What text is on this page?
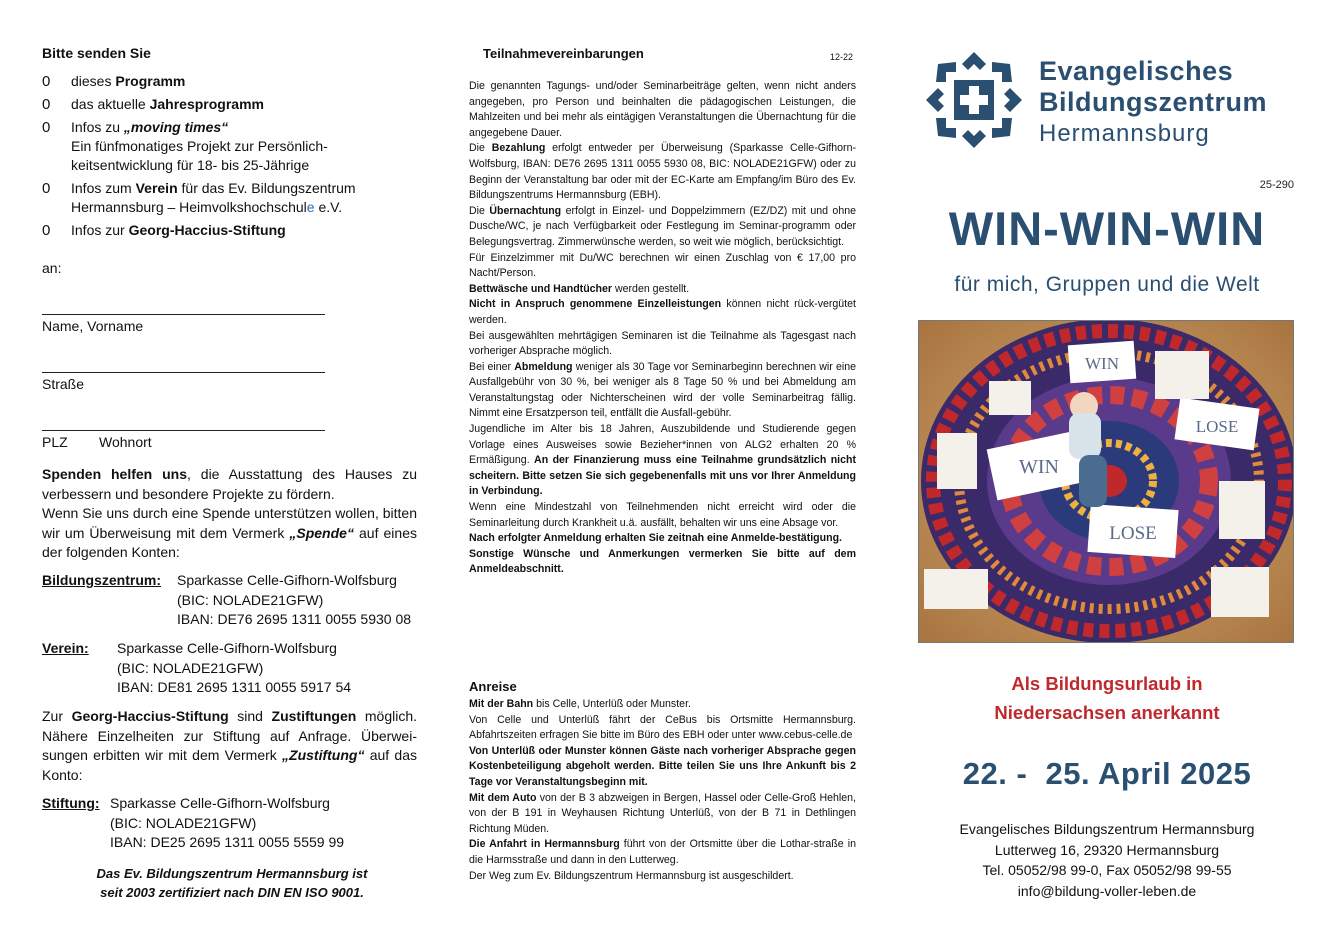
Bitte senden Sie
0	dieses Programm
0	das aktuelle Jahresprogramm
0	Infos zu „moving times“
Ein fünfmonatiges Projekt zur Persönlich-
keitsentwicklung für 18- bis 25-Jährige
0	Infos zum Verein für das Ev. Bildungszentrum
Hermannsburg – Heimvolkshochschule e.V.
0	Infos zur Georg-Haccius-Stiftung
an:
Name, Vorname
Straße
PLZ Wohnort
Spenden helfen uns, die Ausstattung des Hauses zu verbessern und besondere Projekte zu fördern.
Wenn Sie uns durch eine Spende unterstützen wollen, bitten wir um Überweisung mit dem Vermerk „Spende“ auf eines der folgenden Konten:
Bildungszentrum: Sparkasse Celle-Gifhorn-Wolfsburg
(BIC: NOLADE21GFW)
IBAN: DE76 2695 1311 0055 5930 08
Verein: Sparkasse Celle-Gifhorn-Wolfsburg
(BIC: NOLADE21GFW)
IBAN: DE81 2695 1311 0055 5917 54
Zur Georg-Haccius-Stiftung sind Zustiftungen möglich. Nähere Einzelheiten zur Stiftung auf Anfrage. Überwei-sungen erbitten wir mit dem Vermerk „Zustiftung“ auf das Konto:
Stiftung: Sparkasse Celle-Gifhorn-Wolfsburg
(BIC: NOLADE21GFW)
IBAN: DE25 2695 1311 0055 5559 99
Das Ev. Bildungszentrum Hermannsburg ist
seit 2003 zertifiziert nach DIN EN ISO 9001.
Teilnahmevereinbarungen	12-22

Die genannten Tagungs- und/oder Seminarbeiträge gelten, wenn nicht anders angegeben, pro Person und beinhalten die pädagogischen Leistungen, die Mahlzeiten und bei mehr als eintägigen Veranstaltungen die Übernachtung für die angegebene Dauer.

Die Bezahlung erfolgt entweder per Überweisung (Sparkasse Celle-Gifhorn-Wolfsburg, IBAN: DE76 2695 1311 0055 5930 08, BIC: NOLADE21GFW) oder zu Beginn der Veranstaltung bar oder mit der EC-Karte am Empfang/im Büro des Ev. Bildungszentrums Hermannsburg (EBH).

Die Übernachtung erfolgt in Einzel- und Doppelzimmern (EZ/DZ) mit und ohne Dusche/WC, je nach Verfügbarkeit oder Festlegung im Seminar-programm oder Belegungsvertrag. Zimmerwünsche werden, so weit wie möglich, berücksichtigt.

Für Einzelzimmer mit Du/WC berechnen wir einen Zuschlag von € 17,00 pro Nacht/Person.

Bettwäsche und Handtücher werden gestellt.

Nicht in Anspruch genommene Einzelleistungen können nicht rück-vergütet werden.

Bei ausgewählten mehrtägigen Seminaren ist die Teilnahme als Tagesgast nach vorheriger Absprache möglich.

Bei einer Abmeldung weniger als 30 Tage vor Seminarbeginn berechnen wir eine Ausfallgebühr von 30 %, bei weniger als 8 Tage 50 % und bei Abmeldung am Veranstaltungstag oder Nichterscheinen wird der volle Seminarbeitrag fällig. Nimmt eine Ersatzperson teil, entfällt die Ausfall-gebühr.

Jugendliche im Alter bis 18 Jahren, Auszubildende und Studierende gegen Vorlage eines Ausweises sowie Bezieher*innen von ALG2 erhalten 20 % Ermäßigung. An der Finanzierung muss eine Teilnahme grundsätzlich nicht scheitern. Bitte setzen Sie sich gegebenenfalls mit uns vor Ihrer Anmeldung in Verbindung.

Wenn eine Mindestzahl von Teilnehmenden nicht erreicht wird oder die Seminarleitung durch Krankheit u.ä. ausfällt, behalten wir uns eine Absage vor.

Nach erfolgter Anmeldung erhalten Sie zeitnah eine Anmelde-bestätigung.

Sonstige Wünsche und Anmerkungen vermerken Sie bitte auf dem Anmeldeabschnitt.

Anreise

Mit der Bahn bis Celle, Unterlüß oder Munster.

Von Celle und Unterlüß fährt der CeBus bis Ortsmitte Hermannsburg. Abfahrtszeiten erfragen Sie bitte im Büro des EBH oder unter www.cebus-celle.de

Von Unterlüß oder Munster können Gäste nach vorheriger Absprache gegen Kostenbeteiligung abgeholt werden. Bitte teilen Sie uns Ihre Ankunft bis 2 Tage vor Veranstaltungsbeginn mit.

Mit dem Auto von der B 3 abzweigen in Bergen, Hassel oder Celle-Groß Hehlen, von der B 191 in Weyhausen Richtung Unterlüß, von der B 71 in Dethlingen Richtung Müden.

Die Anfahrt in Hermannsburg führt von der Ortsmitte über die Lothar-straße in die Harmsstraße und dann in den Lutterweg.

Der Weg zum Ev. Bildungszentrum Hermannsburg ist ausgeschildert.

Evangelisches
Bildungszentrum
Hermannsburg
25-290
WIN-WIN-WIN
für mich, Gruppen und die Welt
WIN
LOSE
WIN
LOSE
Als Bildungsurlaub in
Niedersachsen anerkannt
22. -  25. April 2025
Evangelisches Bildungszentrum Hermannsburg
Lutterweg 16, 29320 Hermannsburg
Tel. 05052/98 99-0, Fax 05052/98 99-55
info@bildung-voller-leben.de
